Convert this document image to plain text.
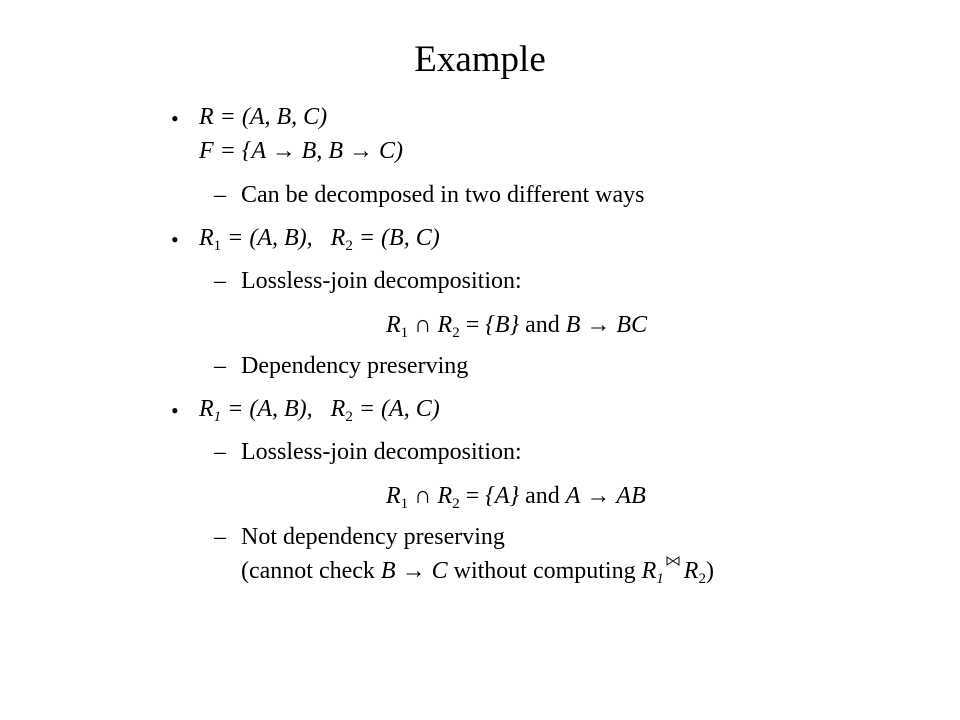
Example
• R = (A, B, C)
F = {A → B, B → C)
– Can be decomposed in two different ways
• $R_1 = (A$, B), $R_2 = (B$, C)
– Lossless-join decomposition:
$R_1$ ∩ $R_2 = \{B\}$ and B → BC
– Dependency preserving
• $R_1 = (A$, B), $R_2 = (A$, C)
– Lossless-join decomposition:
$R_1$ ∩ $R_2 = \{A\}$ and A → AB
– Not dependency preserving
(cannot check B → C without computing $R_1$ $R_2$)
